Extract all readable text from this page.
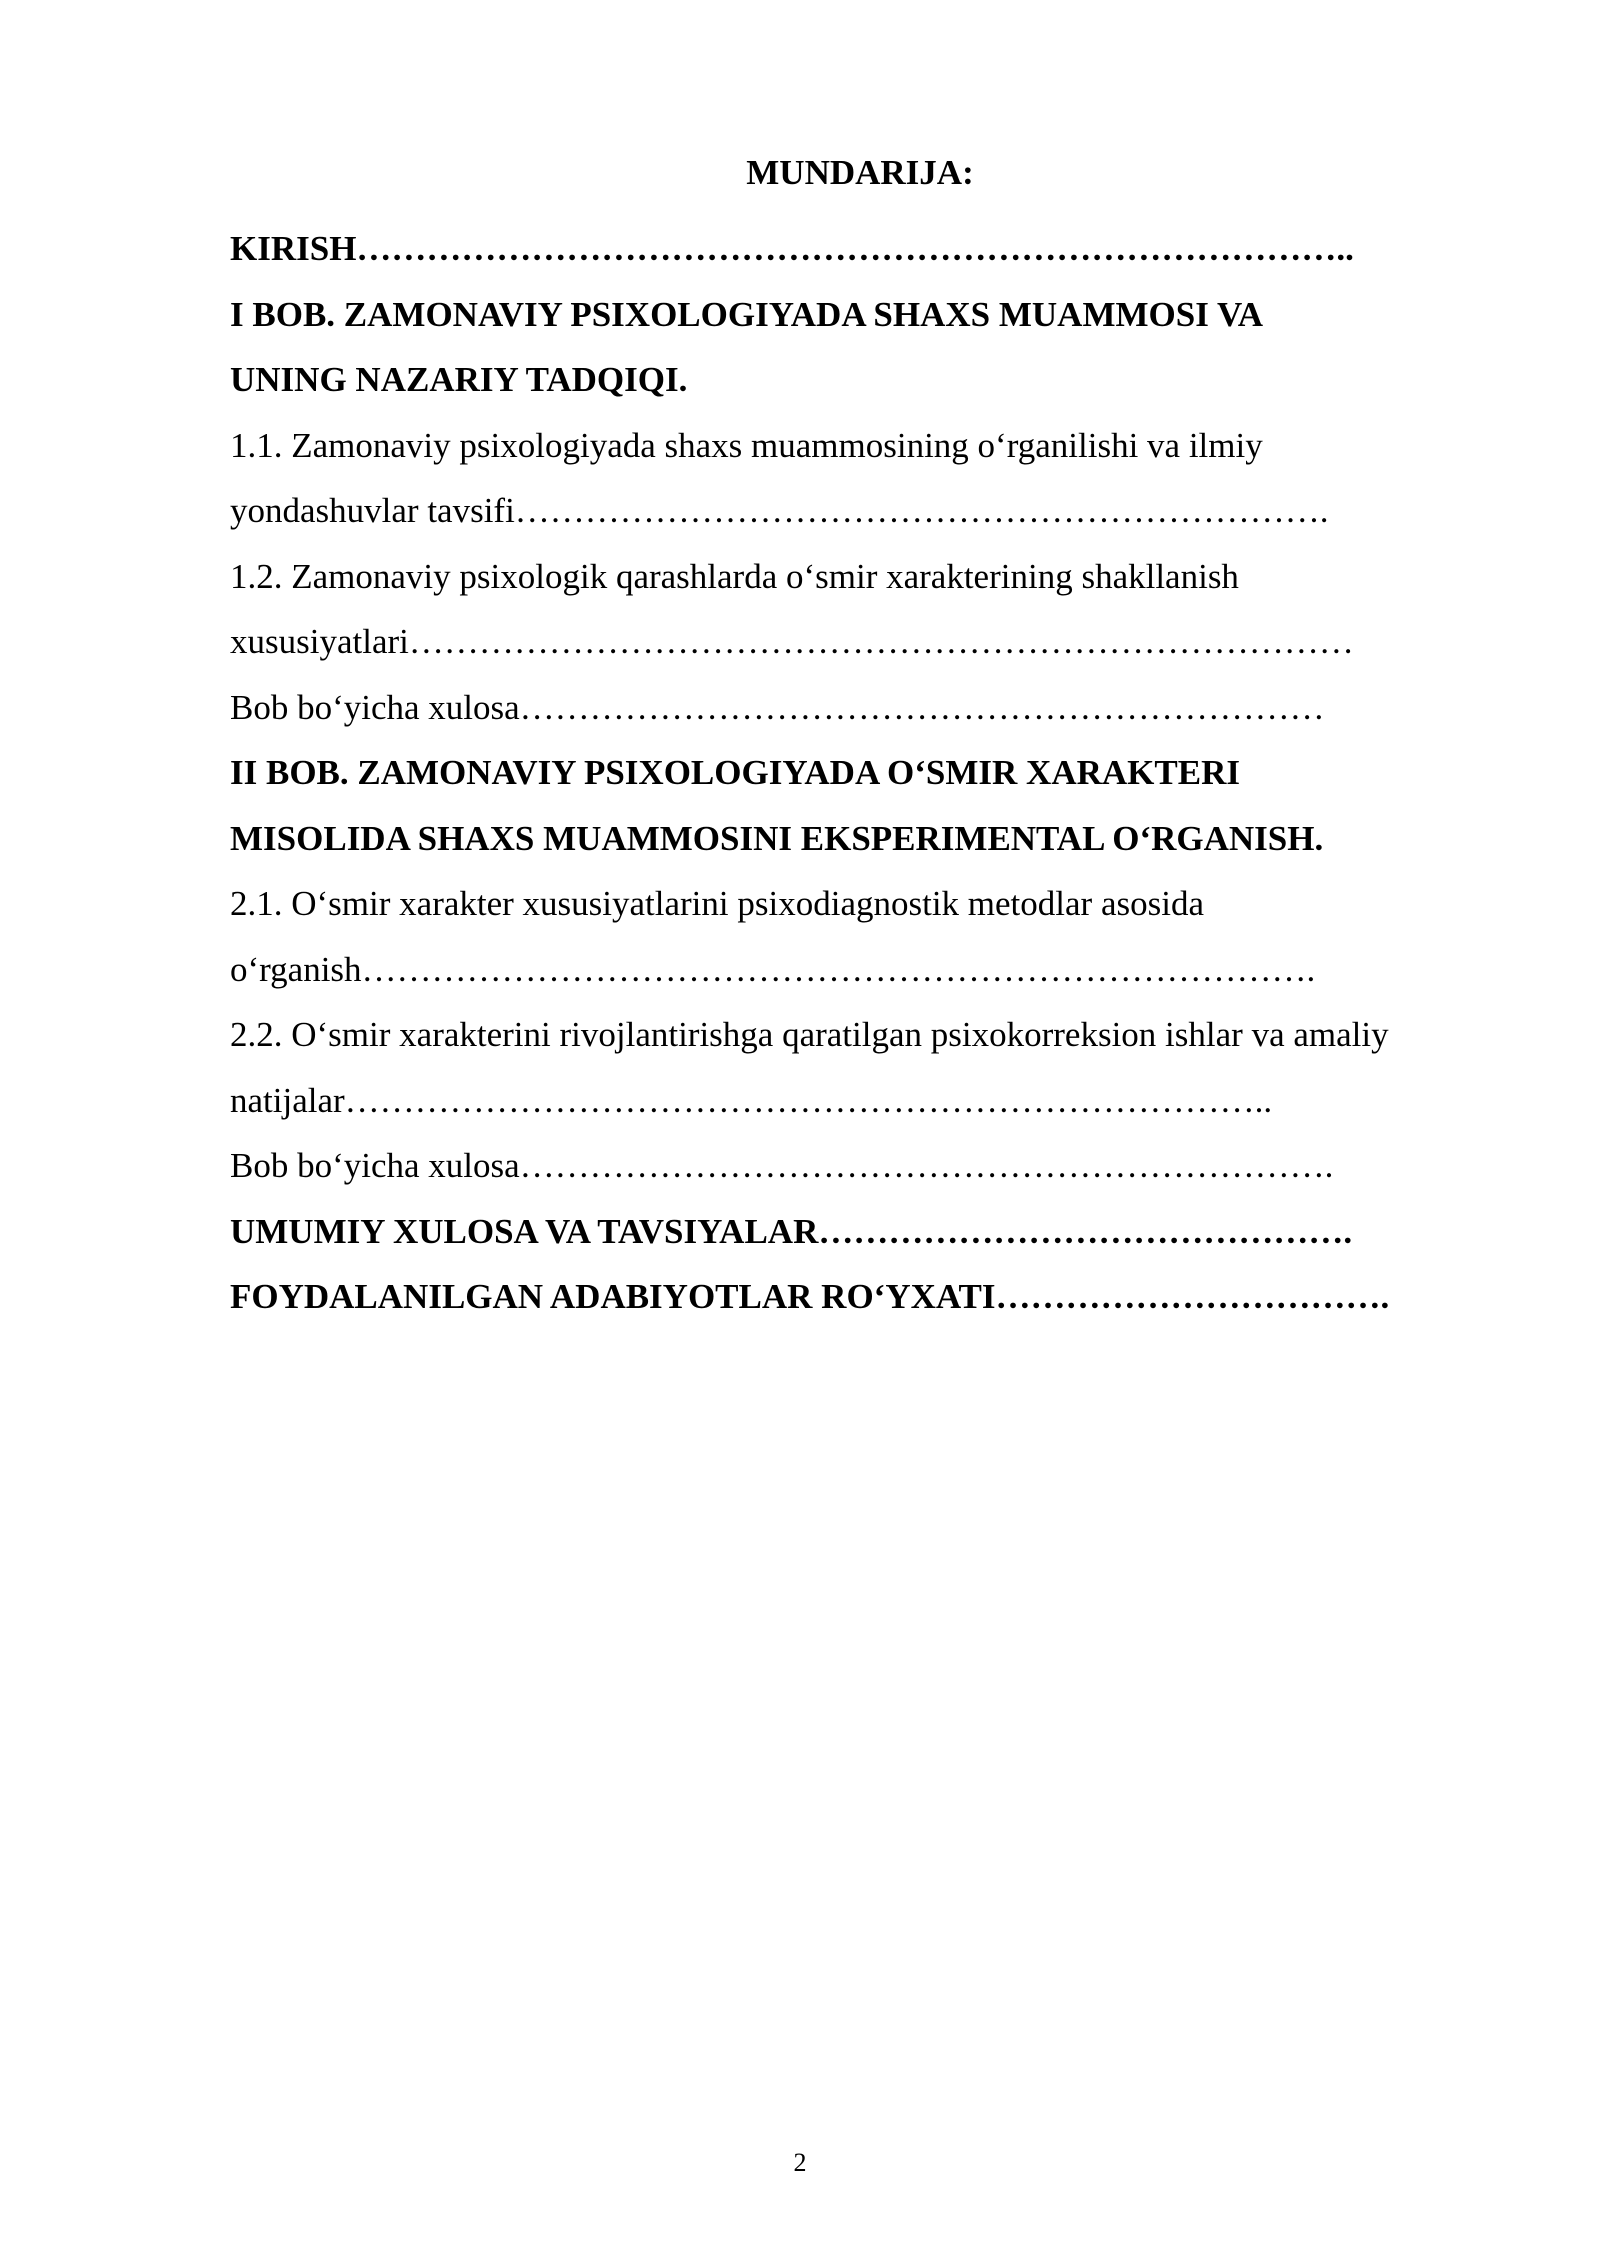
MUNDARIJA:
KIRISH…………………………………………………………………………..
I BOB. ZAMONAVIY PSIXOLOGIYADA SHAXS MUAMMOSI VA
UNING NAZARIY TADQIQI.
1.1. Zamonaviy psixologiyada shaxs muammosining o‘rganilishi va ilmiy
yondashuvlar tavsifi…………………………………………………………….
1.2. Zamonaviy psixologik qarashlarda o‘smir xarakterining shakllanish
xususiyatlari………………………………………………………………………
Bob bo‘yicha xulosa……………………………………………………………
II BOB. ZAMONAVIY PSIXOLOGIYADA O‘SMIR XARAKTERI
MISOLIDA SHAXS MUAMMOSINI EKSPERIMENTAL O‘RGANISH.
2.1. O‘smir xarakter xususiyatlarini psixodiagnostik metodlar asosida
o‘rganish……………………………………………………………………….
2.2. O‘smir xarakterini rivojlantirishga qaratilgan psixokorreksion ishlar va amaliy
natijalar……………………………………………………………………..
Bob bo‘yicha xulosa…………………………………………………………….
UMUMIY XULOSA VA TAVSIYALAR……………………………………….
FOYDALANILGAN ADABIYOTLAR RO‘YXATI…………………………….
2
